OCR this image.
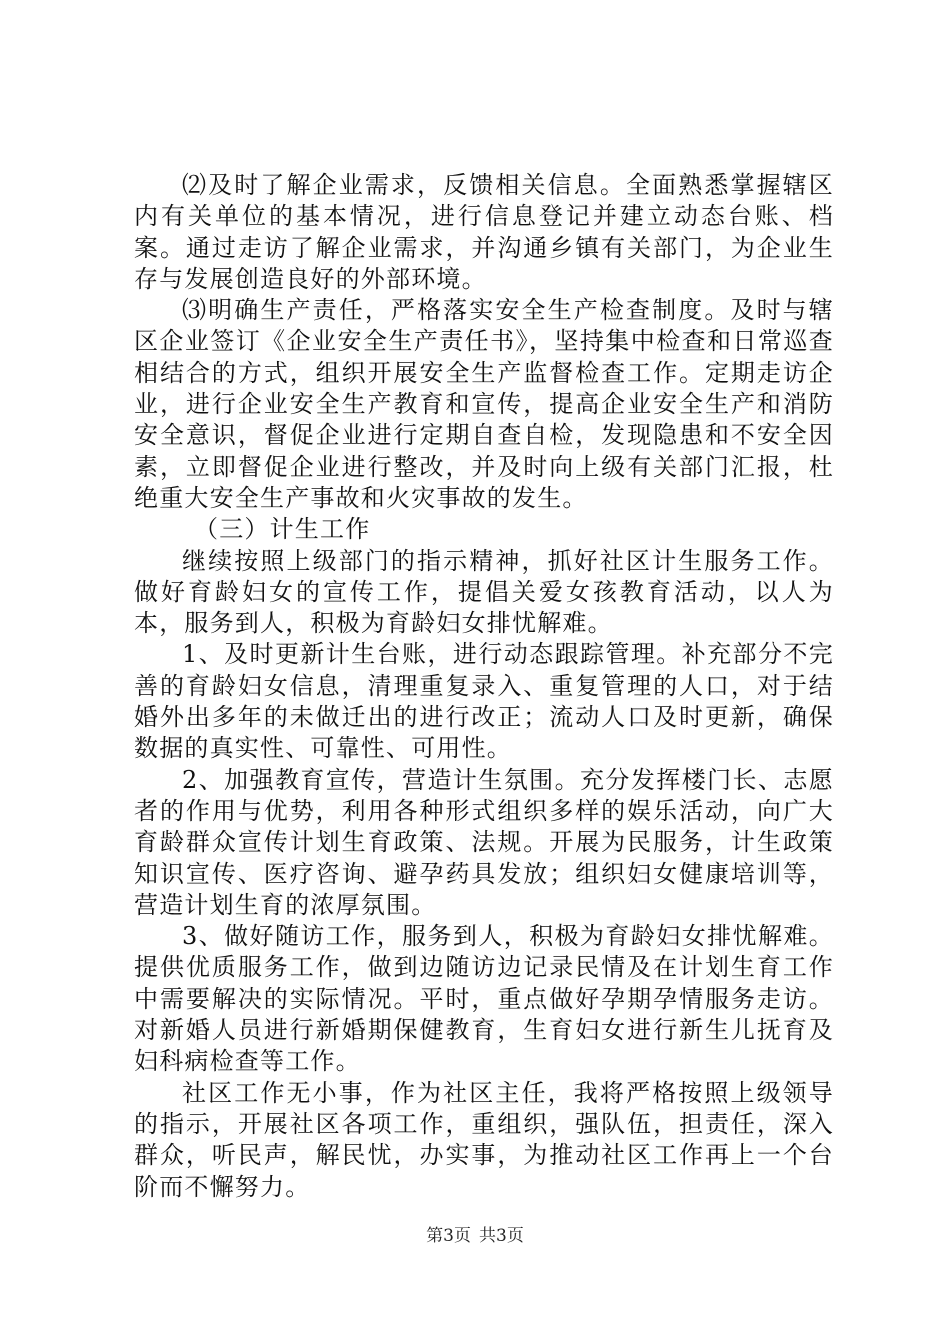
⑵及时了解企业需求，反馈相关信息。全面熟悉掌握辖区内有关单位的基本情况，进行信息登记并建立动态台账、档案。通过走访了解企业需求，并沟通乡镇有关部门，为企业生存与发展创造良好的外部环境。

⑶明确生产责任，严格落实安全生产检查制度。及时与辖区企业签订《企业安全生产责任书》，坚持集中检查和日常巡查相结合的方式，组织开展安全生产监督检查工作。定期走访企业，进行企业安全生产教育和宣传，提高企业安全生产和消防安全意识，督促企业进行定期自查自检，发现隐患和不安全因素，立即督促企业进行整改，并及时向上级有关部门汇报，杜绝重大安全生产事故和火灾事故的发生。

（三）计生工作

继续按照上级部门的指示精神，抓好社区计生服务工作。做好育龄妇女的宣传工作，提倡关爱女孩教育活动，以人为本，服务到人，积极为育龄妇女排忧解难。

1、及时更新计生台账，进行动态跟踪管理。补充部分不完善的育龄妇女信息，清理重复录入、重复管理的人口，对于结婚外出多年的未做迁出的进行改正；流动人口及时更新，确保数据的真实性、可靠性、可用性。

2、加强教育宣传，营造计生氛围。充分发挥楼门长、志愿者的作用与优势，利用各种形式组织多样的娱乐活动，向广大育龄群众宣传计划生育政策、法规。开展为民服务，计生政策知识宣传、医疗咨询、避孕药具发放；组织妇女健康培训等，营造计划生育的浓厚氛围。

3、做好随访工作，服务到人，积极为育龄妇女排忧解难。提供优质服务工作，做到边随访边记录民情及在计划生育工作中需要解决的实际情况。平时，重点做好孕期孕情服务走访。对新婚人员进行新婚期保健教育，生育妇女进行新生儿抚育及妇科病检查等工作。

社区工作无小事，作为社区主任，我将严格按照上级领导的指示，开展社区各项工作，重组织，强队伍，担责任，深入群众，听民声，解民忧，办实事，为推动社区工作再上一个台阶而不懈努力。

第3页 共3页
